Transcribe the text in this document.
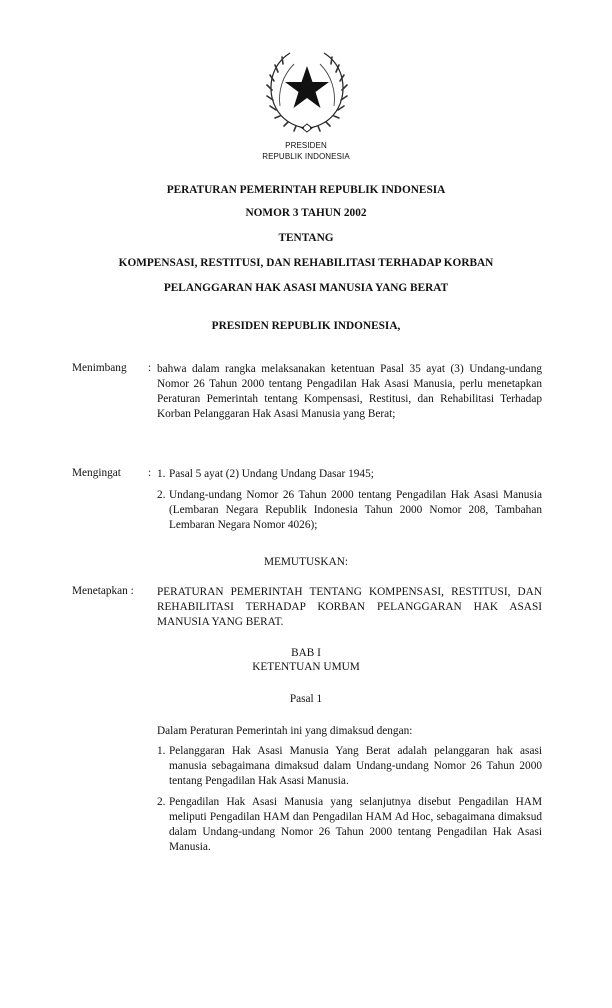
PRESIDEN
REPUBLIK INDONESIA
PERATURAN PEMERINTAH REPUBLIK INDONESIA
NOMOR 3 TAHUN 2002
TENTANG
KOMPENSASI, RESTITUSI, DAN REHABILITASI TERHADAP KORBAN
PELANGGARAN HAK ASASI MANUSIA YANG BERAT
PRESIDEN REPUBLIK INDONESIA,
Menimbang : bahwa dalam rangka melaksanakan ketentuan Pasal 35 ayat (3) Undang-undang Nomor 26 Tahun 2000 tentang Pengadilan Hak Asasi Manusia, perlu menetapkan Peraturan Pemerintah tentang Kompensasi, Restitusi, dan Rehabilitasi Terhadap Korban Pelanggaran Hak Asasi Manusia yang Berat;
Mengingat : 1. Pasal 5 ayat (2) Undang Undang Dasar 1945;
2. Undang-undang Nomor 26 Tahun 2000 tentang Pengadilan Hak Asasi Manusia (Lembaran Negara Republik Indonesia Tahun 2000 Nomor 208, Tambahan Lembaran Negara Nomor 4026);
MEMUTUSKAN:
Menetapkan : PERATURAN PEMERINTAH TENTANG KOMPENSASI, RESTITUSI, DAN REHABILITASI TERHADAP KORBAN PELANGGARAN HAK ASASI MANUSIA YANG BERAT.
BAB I
KETENTUAN UMUM
Pasal 1
Dalam Peraturan Pemerintah ini yang dimaksud dengan:
1. Pelanggaran Hak Asasi Manusia Yang Berat adalah pelanggaran hak asasi manusia sebagaimana dimaksud dalam Undang-undang Nomor 26 Tahun 2000 tentang Pengadilan Hak Asasi Manusia.
2. Pengadilan Hak Asasi Manusia yang selanjutnya disebut Pengadilan HAM meliputi Pengadilan HAM dan Pengadilan HAM Ad Hoc, sebagaimana dimaksud dalam Undang-undang Nomor 26 Tahun 2000 tentang Pengadilan Hak Asasi Manusia.
